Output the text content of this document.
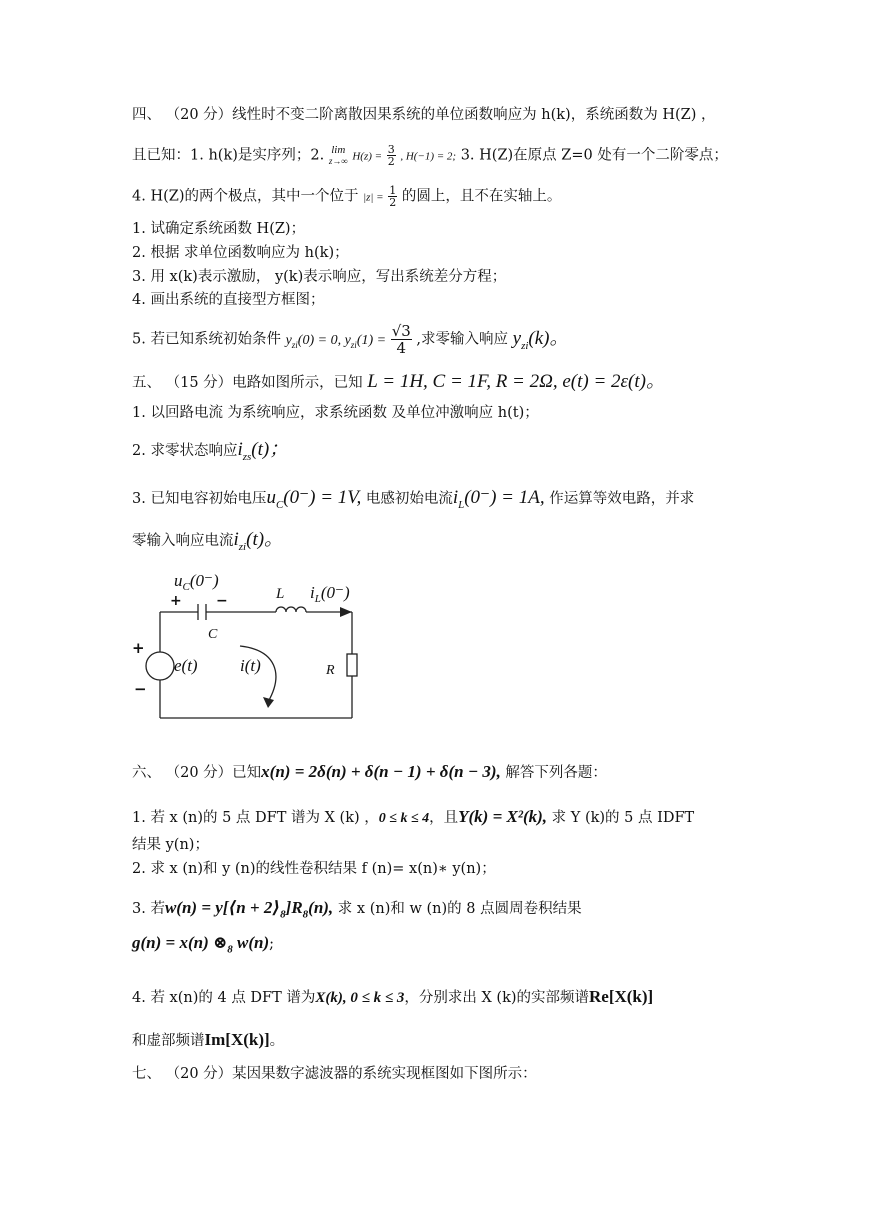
四、 （20 分）线性时不变二阶离散因果系统的单位函数响应为 h(k)，系统函数为 H(Z) ，
且已知：1. h(k)是实序列；2. lim
z→∞ $H(z) = \frac{3}{2}$ , H(−1) = 2; 3. H(Z)在原点 Z=0 处有一个二阶零点；
4. H(Z)的两个极点，其中一个位于 $|z| = \frac{1}{2}$ 的圆上，且不在实轴上。
1. 试确定系统函数 H(Z)；
2. 根据 求单位函数响应为 h(k)；
3. 用 x(k)表示激励， y(k)表示响应，写出系统差分方程；
4. 画出系统的直接型方框图；
5. 若已知系统初始条件 $y_{zi}(0) = 0$, $y_{zi}(1) = \frac{√3}{4}$ ,求零输入响应 $y_{zi}(k)$。
五、 （15 分）电路如图所示，已知 L = 1H, C = 1F, R = 2Ω, e(t) = 2ε(t)。
1. 以回路电流 为系统响应，求系统函数 及单位冲激响应 h(t)；
2. 求零状态响应$i_{zs}(t)$；
3. 已知电容初始电压$u_C(0^-) = 1V$, 电感初始电流$i_L(0^-) = 1A$, 作运算等效电路，并求
零输入响应电流$i_{zi}(t)$。
$u_C(0^-)$
L $i_L(0^-)$
C
e(t) i(t)	R
+ −
+
−
六、 （20 分）已知x(n) = 2δ(n) + δ(n − 1) + δ(n − 3), 解答下列各题：
1. 若 x (n)的 5 点 DFT 谱为 X (k) ，0 ≤ k ≤ 4，且Y(k) = X²(k), 求 Y (k)的 5 点 IDFT
结果 y(n)；
2. 求 x (n)和 y (n)的线性卷积结果 f (n)= x(n)∗ y(n)；
3. 若w(n) = y[⟨n + $2⟩_8]R_8(n)$, 求 x (n)和 w (n)的 8 点圆周卷积结果
g(n) = x(n) $\otimes_8$ w(n);
4. 若 x(n)的 4 点 DFT 谱为X(k), 0 ≤ k ≤ 3，分别求出 X (k)的实部频谱Re[X(k)]
和虚部频谱Im[X(k)]。
七、 （20 分）某因果数字滤波器的系统实现框图如下图所示：
